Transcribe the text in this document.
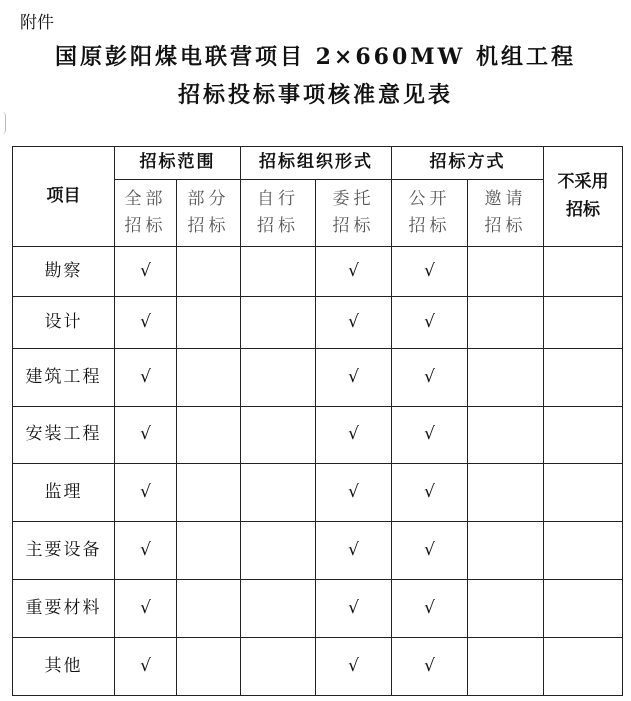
附件
国原彭阳煤电联营项目 2×660MW 机组工程
招标投标事项核准意见表
项目	招标范围		招标组织形式		招标方式		不采用招标
	全部招标	部分招标	自行招标	委托招标	公开招标	邀请招标	
勘察	√			√	√		
设计	√			√	√		
建筑工程	√			√	√		
安装工程	√			√	√		
监理	√			√	√		
主要设备	√			√	√		
重要材料	√			√	√		
其他	√			√	√		
